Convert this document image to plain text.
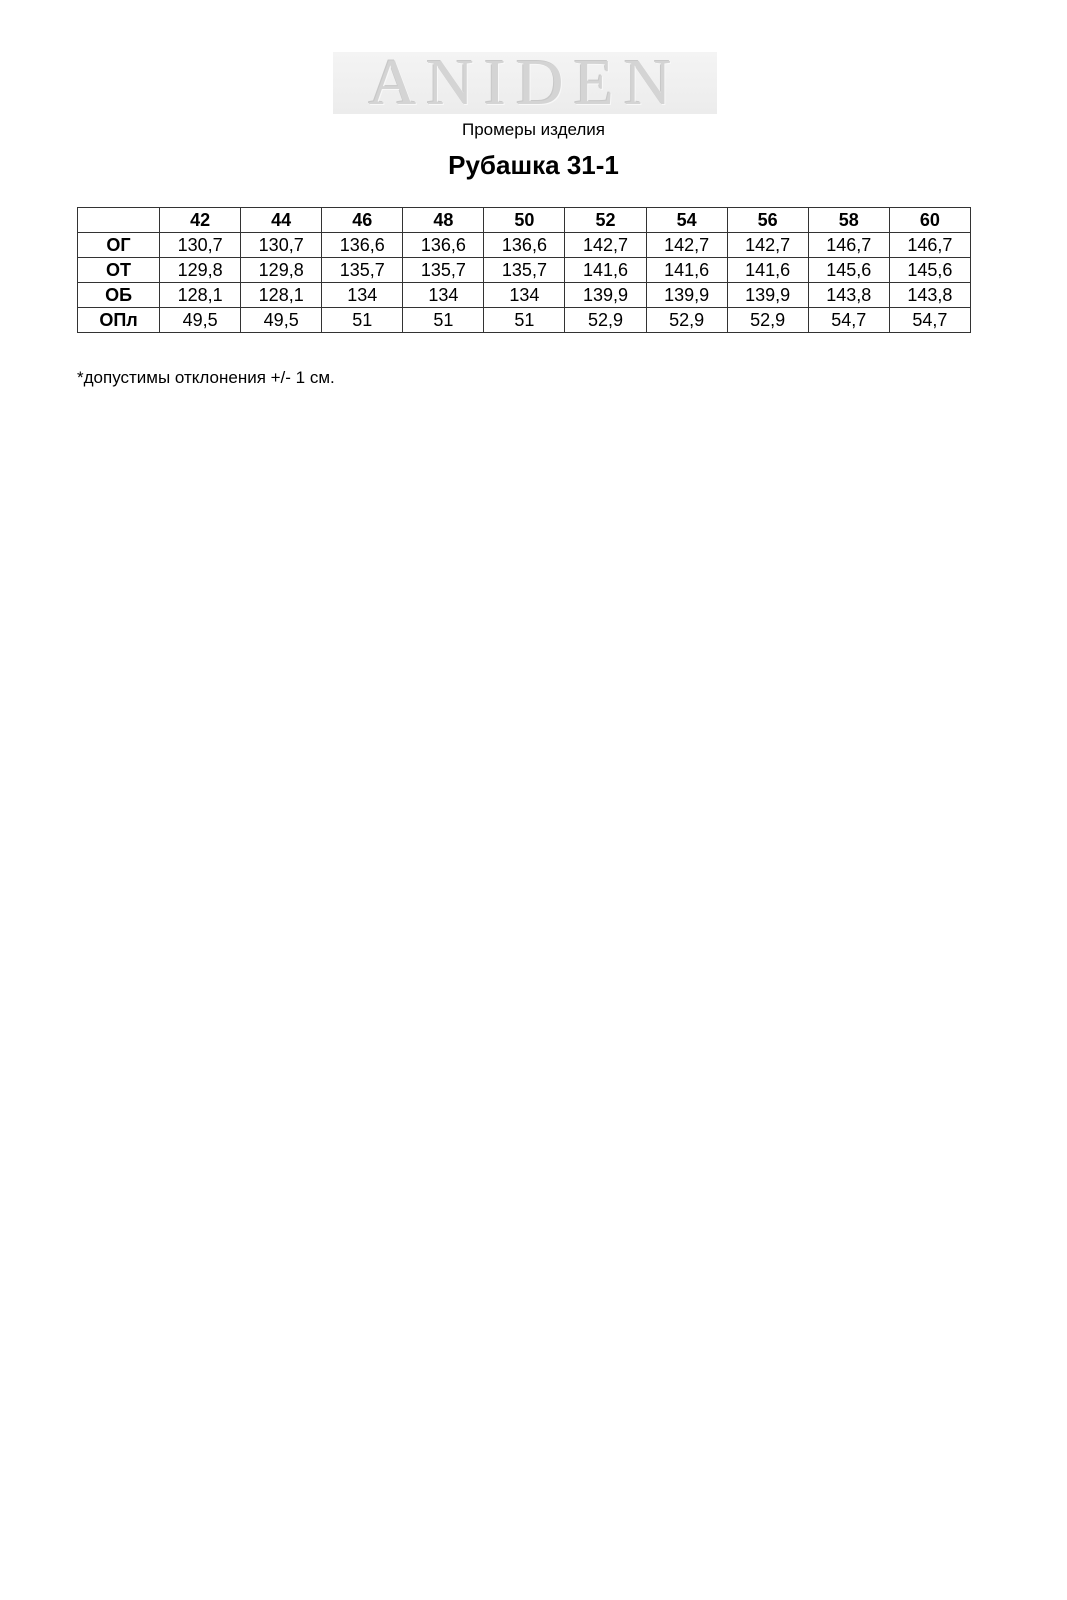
ANIDEN
Промеры изделия
Рубашка 31-1
	42	44	46	48	50	52	54	56	58	60
ОГ	130,7	130,7	136,6	136,6	136,6	142,7	142,7	142,7	146,7	146,7
ОТ	129,8	129,8	135,7	135,7	135,7	141,6	141,6	141,6	145,6	145,6
ОБ	128,1	128,1	134	134	134	139,9	139,9	139,9	143,8	143,8
ОПл	49,5	49,5	51	51	51	52,9	52,9	52,9	54,7	54,7
*допустимы отклонения +/- 1 см.
